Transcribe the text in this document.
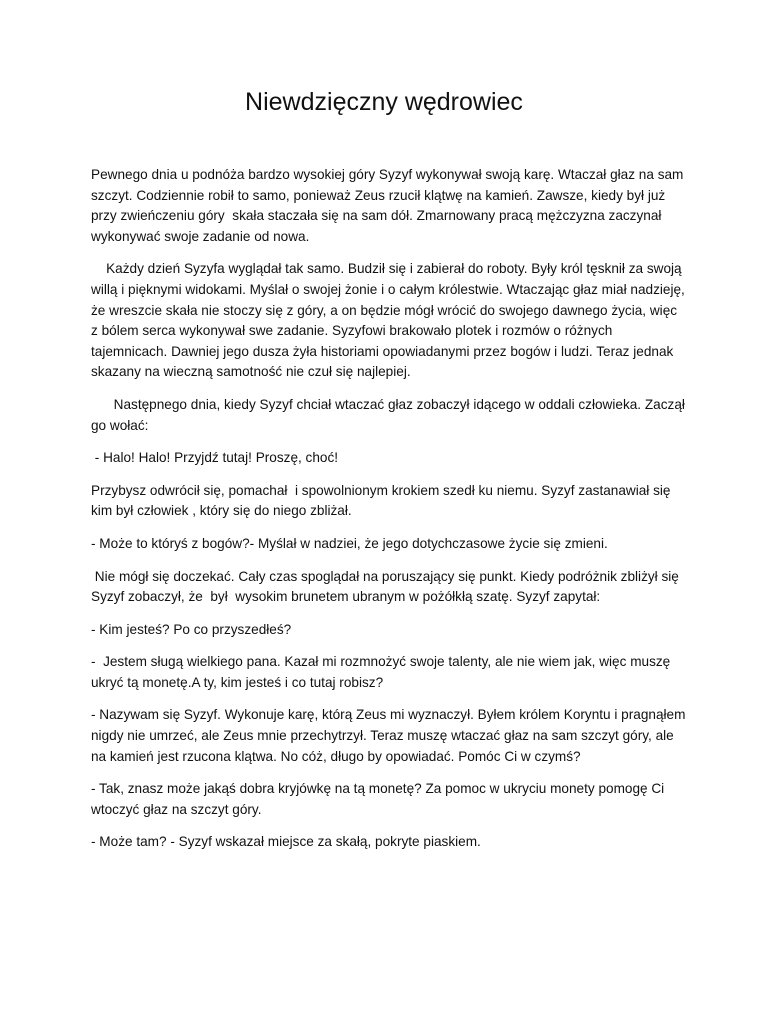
Niewdzięczny wędrowiec

Pewnego dnia u podnóża bardzo wysokiej góry Syzyf wykonywał swoją karę. Wtaczał głaz na sam szczyt. Codziennie robił to samo, ponieważ Zeus rzucił klątwę na kamień. Zawsze, kiedy był już przy zwieńczeniu góry  skała staczała się na sam dół. Zmarnowany pracą mężczyzna zaczynał wykonywać swoje zadanie od nowa.

Każdy dzień Syzyfa wyglądał tak samo. Budził się i zabierał do roboty. Były król tęsknił za swoją willą i pięknymi widokami. Myślał o swojej żonie i o całym królestwie. Wtaczając głaz miał nadzieję, że wreszcie skała nie stoczy się z góry, a on będzie mógł wrócić do swojego dawnego życia, więc z bólem serca wykonywał swe zadanie. Syzyfowi brakowało plotek i rozmów o różnych tajemnicach. Dawniej jego dusza żyła historiami opowiadanymi przez bogów i ludzi. Teraz jednak skazany na wieczną samotność nie czuł się najlepiej.

Następnego dnia, kiedy Syzyf chciał wtaczać głaz zobaczył idącego w oddali człowieka. Zaczął go wołać:

- Halo! Halo! Przyjdź tutaj! Proszę, choć!

Przybysz odwrócił się, pomachał  i spowolnionym krokiem szedł ku niemu. Syzyf zastanawiał się kim był człowiek , który się do niego zbliżał.

- Może to któryś z bogów?- Myślał w nadziei, że jego dotychczasowe życie się zmieni.

Nie mógł się doczekać. Cały czas spoglądał na poruszający się punkt. Kiedy podróżnik zbliżył się Syzyf zobaczył, że  był  wysokim brunetem ubranym w pożółkłą szatę. Syzyf zapytał:

- Kim jesteś? Po co przyszedłeś?

-  Jestem sługą wielkiego pana. Kazał mi rozmnożyć swoje talenty, ale nie wiem jak, więc muszę ukryć tą monetę.A ty, kim jesteś i co tutaj robisz?

- Nazywam się Syzyf. Wykonuje karę, którą Zeus mi wyznaczył. Byłem królem Koryntu i pragnąłem nigdy nie umrzeć, ale Zeus mnie przechytrzył. Teraz muszę wtaczać głaz na sam szczyt góry, ale na kamień jest rzucona klątwa. No cóż, długo by opowiadać. Pomóc Ci w czymś?

- Tak, znasz może jakąś dobra kryjówkę na tą monetę? Za pomoc w ukryciu monety pomogę Ci wtoczyć głaz na szczyt góry.

- Może tam? - Syzyf wskazał miejsce za skałą, pokryte piaskiem.
